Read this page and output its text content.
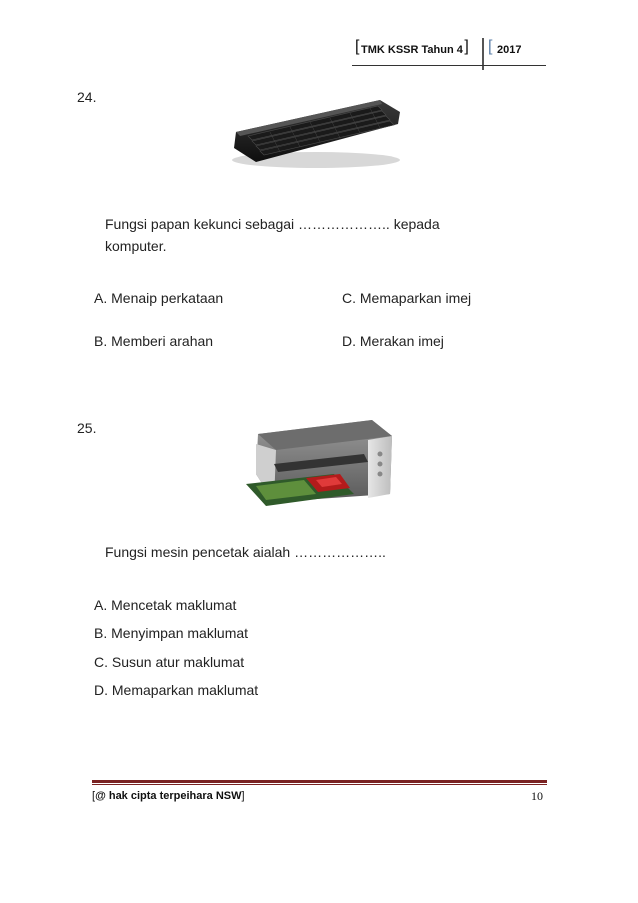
[ TMK KSSR Tahun 4 ] [ 2017
24.
Fungsi papan kekunci sebagai ……………….. kepada
komputer.
A. Menaip perkataan	C. Memaparkan imej
B. Memberi arahan	D. Merakan imej
25.
Fungsi mesin pencetak aialah ………………..
A. Mencetak maklumat
B. Menyimpan maklumat
C. Susun atur maklumat
D. Memaparkan maklumat
[@ hak cipta terpeihara NSW]	10
